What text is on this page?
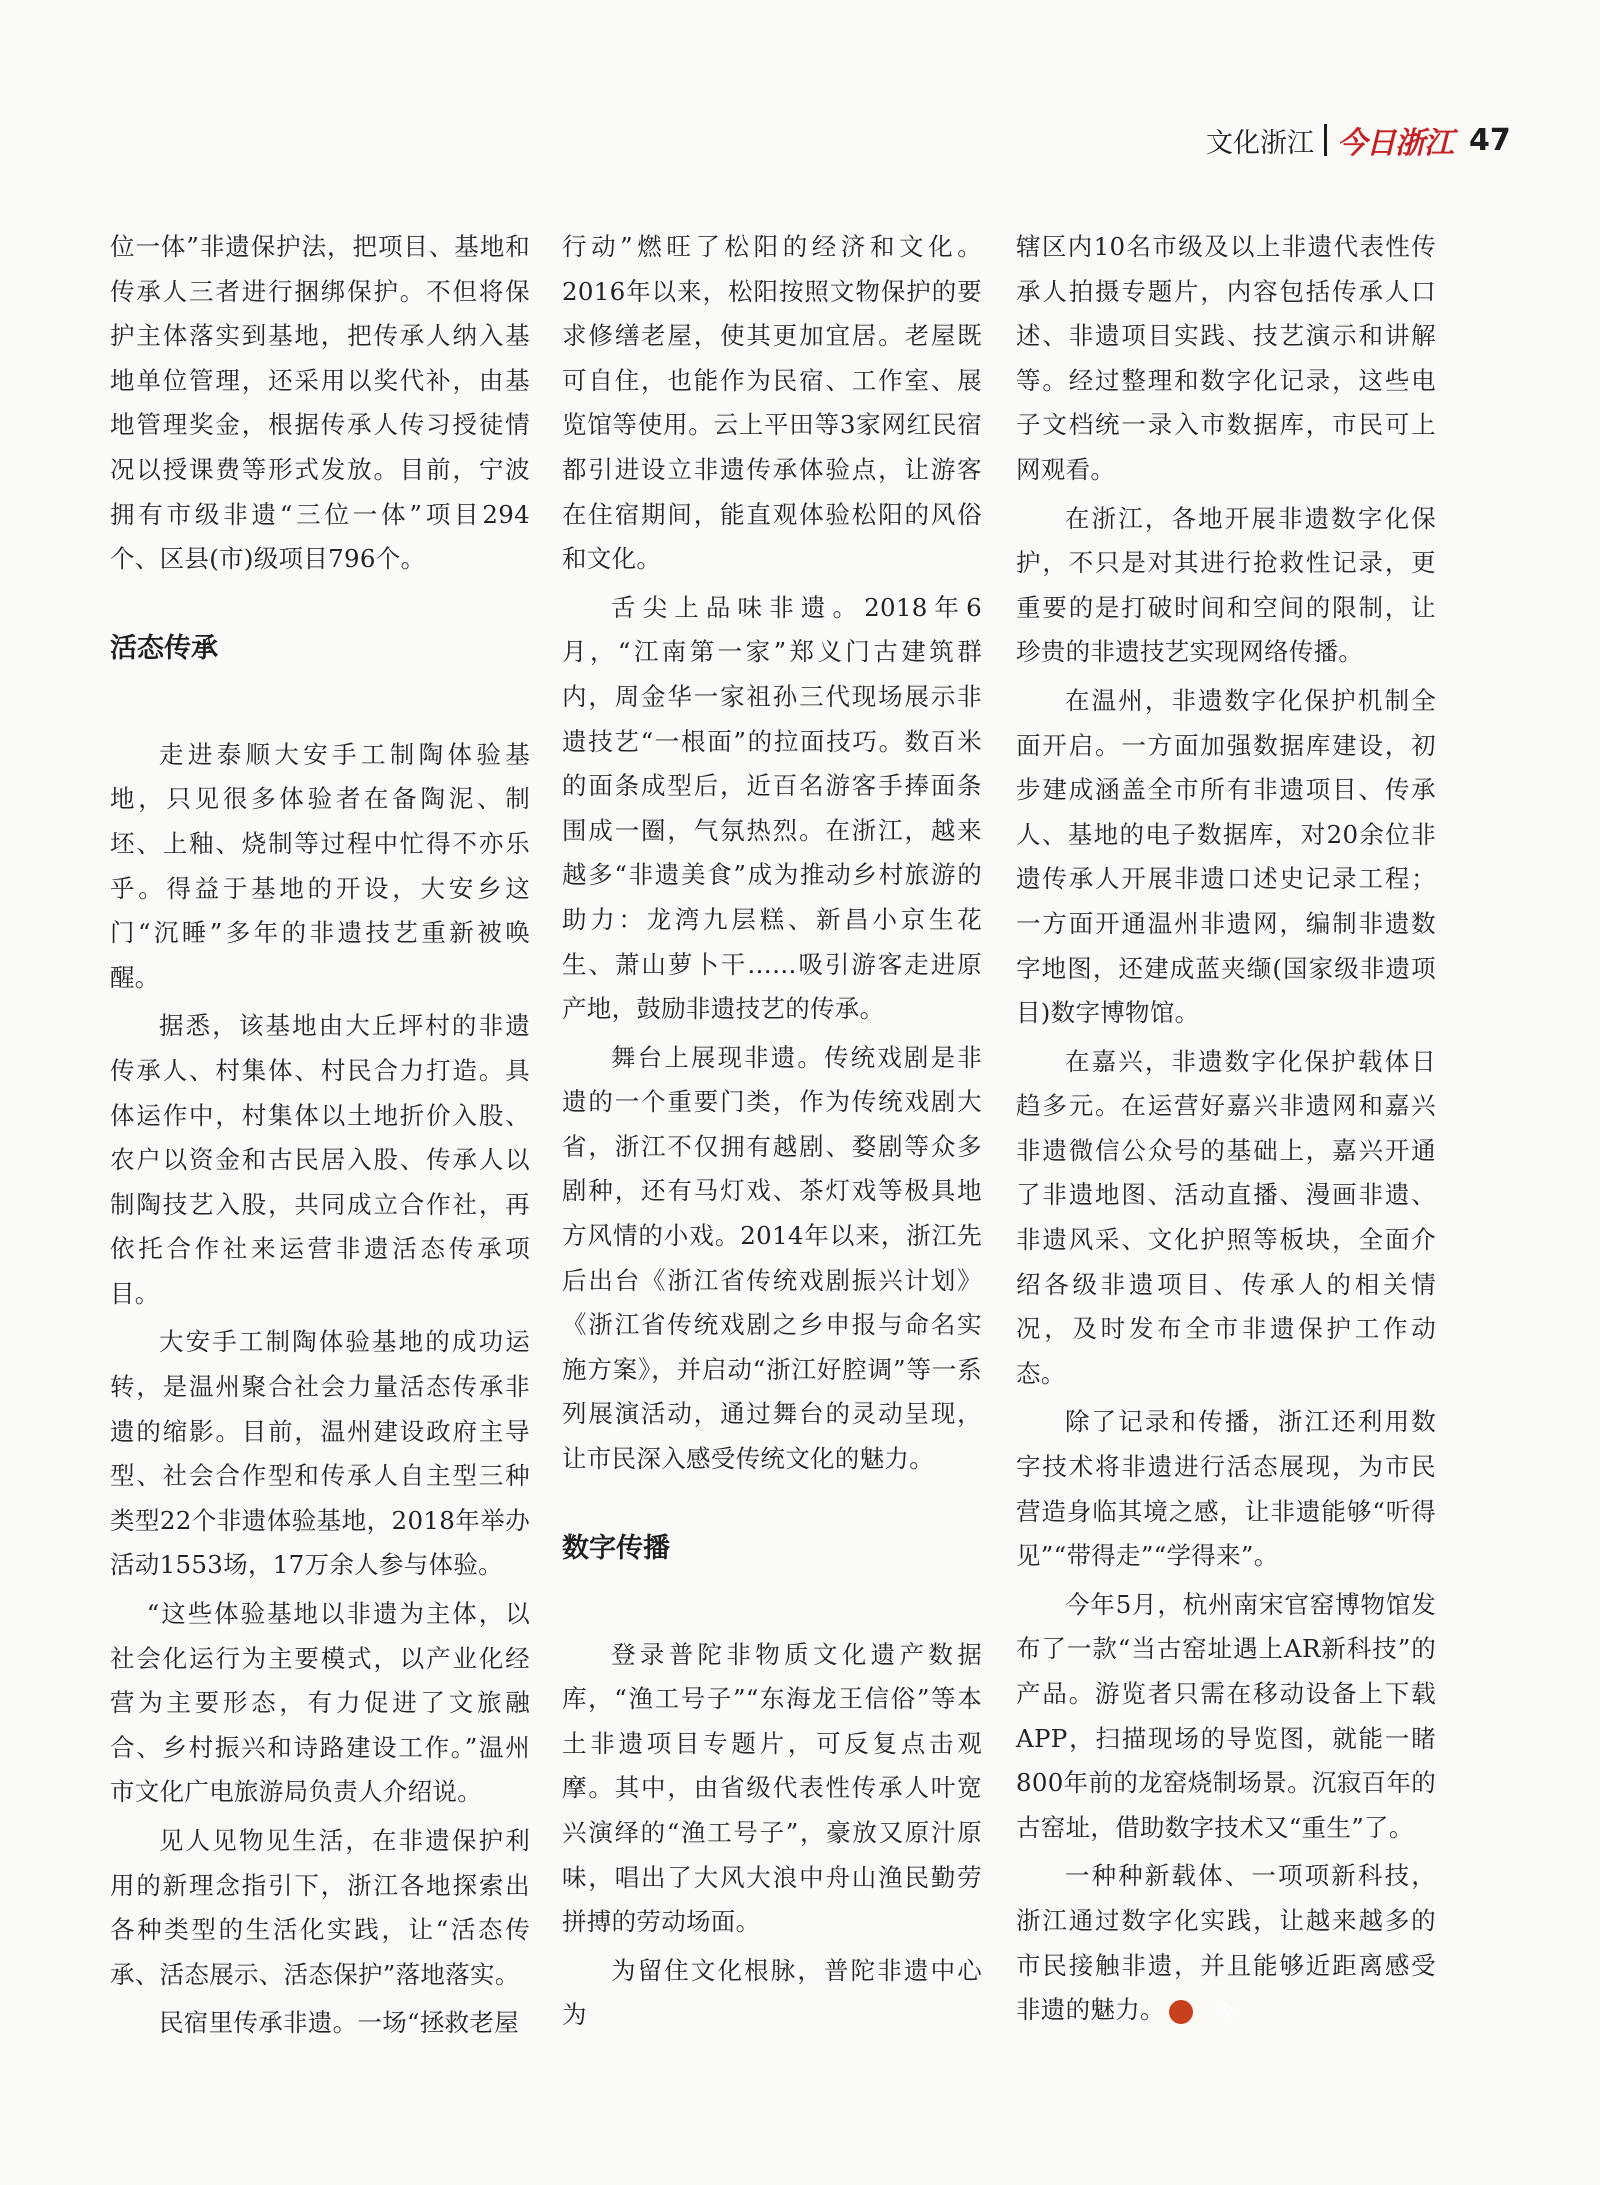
文化浙江 今日浙江 47

位一体”非遗保护法，把项目、基地和传承人三者进行捆绑保护。不但将保护主体落实到基地，把传承人纳入基地单位管理，还采用以奖代补，由基地管理奖金，根据传承人传习授徒情况以授课费等形式发放。目前，宁波拥有市级非遗“三位一体”项目294个、区县(市)级项目796个。

活态传承

走进泰顺大安手工制陶体验基地，只见很多体验者在备陶泥、制坯、上釉、烧制等过程中忙得不亦乐乎。得益于基地的开设，大安乡这门“沉睡”多年的非遗技艺重新被唤醒。

据悉，该基地由大丘坪村的非遗传承人、村集体、村民合力打造。具体运作中，村集体以土地折价入股、农户以资金和古民居入股、传承人以制陶技艺入股，共同成立合作社，再依托合作社来运营非遗活态传承项目。

大安手工制陶体验基地的成功运转，是温州聚合社会力量活态传承非遗的缩影。目前，温州建设政府主导型、社会合作型和传承人自主型三种类型22个非遗体验基地，2018年举办活动1553场，17万余人参与体验。

“这些体验基地以非遗为主体，以社会化运行为主要模式，以产业化经营为主要形态，有力促进了文旅融合、乡村振兴和诗路建设工作。”温州市文化广电旅游局负责人介绍说。

见人见物见生活，在非遗保护利用的新理念指引下，浙江各地探索出各种类型的生活化实践，让“活态传承、活态展示、活态保护”落地落实。

民宿里传承非遗。一场“拯救老屋

行动”燃旺了松阳的经济和文化。2016年以来，松阳按照文物保护的要求修缮老屋，使其更加宜居。老屋既可自住，也能作为民宿、工作室、展览馆等使用。云上平田等3家网红民宿都引进设立非遗传承体验点，让游客在住宿期间，能直观体验松阳的风俗和文化。

舌尖上品味非遗。2018年6月，“江南第一家”郑义门古建筑群内，周金华一家祖孙三代现场展示非遗技艺“一根面”的拉面技巧。数百米的面条成型后，近百名游客手捧面条围成一圈，气氛热烈。在浙江，越来越多“非遗美食”成为推动乡村旅游的助力：龙湾九层糕、新昌小京生花生、萧山萝卜干……吸引游客走进原产地，鼓励非遗技艺的传承。

舞台上展现非遗。传统戏剧是非遗的一个重要门类，作为传统戏剧大省，浙江不仅拥有越剧、婺剧等众多剧种，还有马灯戏、茶灯戏等极具地方风情的小戏。2014年以来，浙江先后出台《浙江省传统戏剧振兴计划》《浙江省传统戏剧之乡申报与命名实施方案》，并启动“浙江好腔调”等一系列展演活动，通过舞台的灵动呈现，让市民深入感受传统文化的魅力。

数字传播

登录普陀非物质文化遗产数据库，“渔工号子”“东海龙王信俗”等本土非遗项目专题片，可反复点击观摩。其中，由省级代表性传承人叶宽兴演绎的“渔工号子”，豪放又原汁原味，唱出了大风大浪中舟山渔民勤劳拼搏的劳动场面。

为留住文化根脉，普陀非遗中心为

辖区内10名市级及以上非遗代表性传承人拍摄专题片，内容包括传承人口述、非遗项目实践、技艺演示和讲解等。经过整理和数字化记录，这些电子文档统一录入市数据库，市民可上网观看。

在浙江，各地开展非遗数字化保护，不只是对其进行抢救性记录，更重要的是打破时间和空间的限制，让珍贵的非遗技艺实现网络传播。

在温州，非遗数字化保护机制全面开启。一方面加强数据库建设，初步建成涵盖全市所有非遗项目、传承人、基地的电子数据库，对20余位非遗传承人开展非遗口述史记录工程；一方面开通温州非遗网，编制非遗数字地图，还建成蓝夹缬(国家级非遗项目)数字博物馆。

在嘉兴，非遗数字化保护载体日趋多元。在运营好嘉兴非遗网和嘉兴非遗微信公众号的基础上，嘉兴开通了非遗地图、活动直播、漫画非遗、非遗风采、文化护照等板块，全面介绍各级非遗项目、传承人的相关情况，及时发布全市非遗保护工作动态。

除了记录和传播，浙江还利用数字技术将非遗进行活态展现，为市民营造身临其境之感，让非遗能够“听得见”“带得走”“学得来”。

今年5月，杭州南宋官窑博物馆发布了一款“当古窑址遇上AR新科技”的产品。游览者只需在移动设备上下载APP，扫描现场的导览图，就能一睹800年前的龙窑烧制场景。沉寂百年的古窑址，借助数字技术又“重生”了。

一种种新载体、一项项新科技，浙江通过数字化实践，让越来越多的市民接触非遗，并且能够近距离感受非遗的魅力。	今
